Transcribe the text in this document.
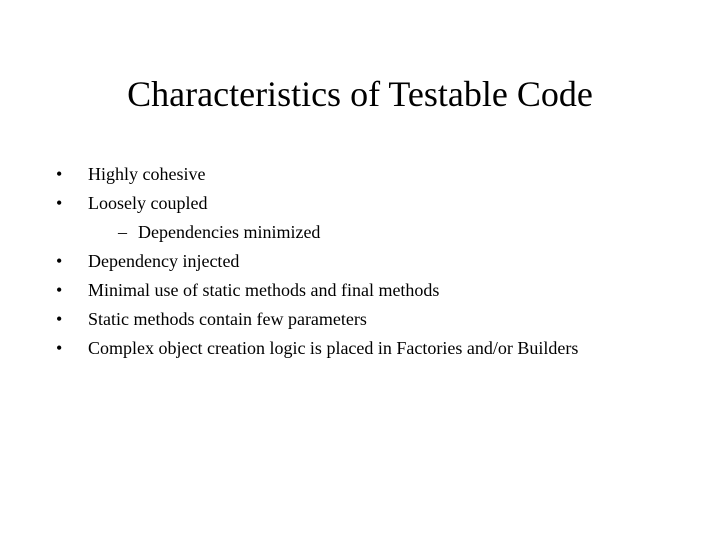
Characteristics of Testable Code
•	Highly cohesive
•	Loosely coupled
– Dependencies minimized
•	Dependency injected
•	Minimal use of static methods and final methods
•	Static methods contain few parameters
•	Complex object creation logic is placed in Factories and/or Builders
